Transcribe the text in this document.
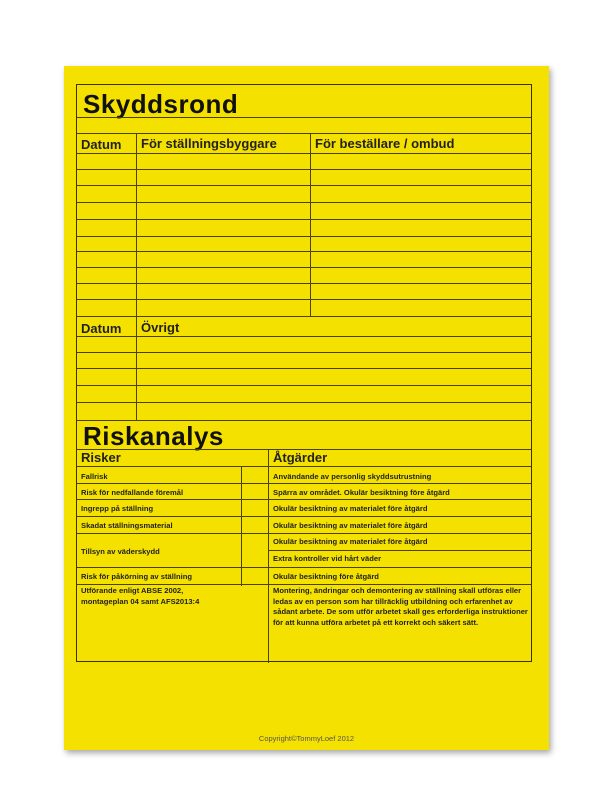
Skyddsrond
Datum För ställningsbyggare	För beställare / ombud
Datum Övrigt
Riskanalys
Risker	Åtgärder
Fallrisk
Risk för nedfallande föremål
Ingrepp på ställning
Skadat ställningsmaterial
Tillsyn av väderskydd
Risk för påkörning av ställning
Användande av personlig skyddsutrustning
Spärra av området. Okulär besiktning före åtgärd
Okulär besiktning av materialet före åtgärd
Okulär besiktning av materialet före åtgärd
Okulär besiktning av materialet före åtgärd
Extra kontroller vid hårt väder
Okulär besiktning före åtgärd
Utförande enligt ABSE 2002, montageplan 04 samt AFS2013:4
Montering, ändringar och demontering av ställning skall utföras eller ledas av en person som har tillräcklig utbildning och erfarenhet av sådant arbete. De som utför arbetet skall ges erforderliga instruktioner för att kunna utföra arbetet på ett korrekt och säkert sätt.
Copyright©TommyLoef 2012
